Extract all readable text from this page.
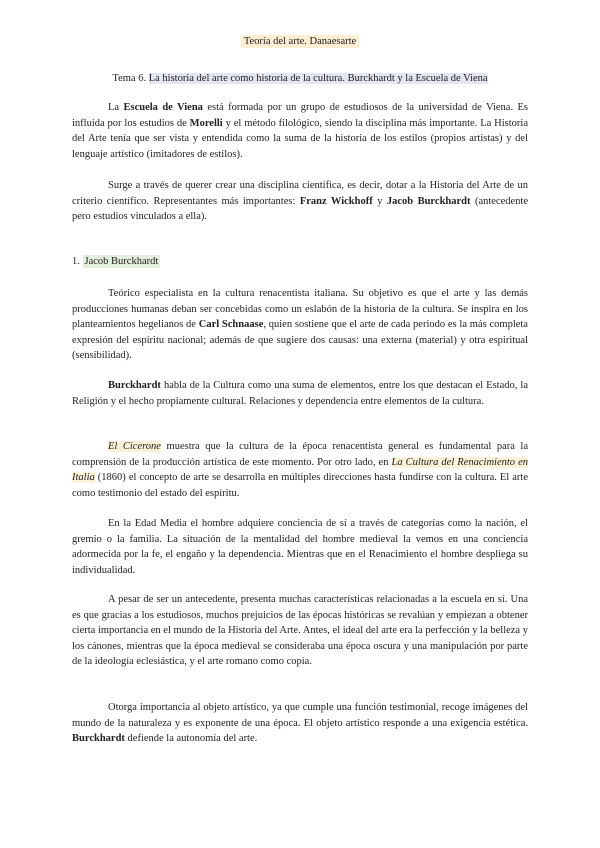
Teoría del arte. Danaesarte
Tema 6. La historia del arte como historia de la cultura. Burckhardt y la Escuela de Viena

La Escuela de Viena está formada por un grupo de estudiosos de la universidad de Viena. Es influida por los estudios de Morelli y el método filológico, siendo la disciplina más importante. La Historia del Arte tenía que ser vista y entendida como la suma de la historia de los estilos (propios artistas) y del lenguaje artístico (imitadores de estilos).

Surge a través de querer crear una disciplina científica, es decir, dotar a la Historia del Arte de un criterio científico. Representantes más importantes: Franz Wickhoff y Jacob Burckhardt (antecedente pero estudios vinculados a ella).

1. Jacob Burckhardt

Teórico especialista en la cultura renacentista italiana. Su objetivo es que el arte y las demás producciones humanas deban ser concebidas como un eslabón de la historia de la cultura. Se inspira en los planteamientos hegelianos de Carl Schnaase, quien sostiene que el arte de cada periodo es la más completa expresión del espíritu nacional; además de que sugiere dos causas: una externa (material) y otra espiritual (sensibilidad).

Burckhardt habla de la Cultura como una suma de elementos, entre los que destacan el Estado, la Religión y el hecho propiamente cultural. Relaciones y dependencia entre elementos de la cultura.

El Cicerone muestra que la cultura de la época renacentista general es fundamental para la comprensión de la producción artística de este momento. Por otro lado, en La Cultura del Renacimiento en Italia (1860) el concepto de arte se desarrolla en múltiples direcciones hasta fundirse con la cultura. El arte como testimonio del estado del espíritu.

En la Edad Media el hombre adquiere conciencia de sí a través de categorías como la nación, el gremio o la familia. La situación de la mentalidad del hombre medieval la vemos en una conciencia adormecida por la fe, el engaño y la dependencia. Mientras que en el Renacimiento el hombre despliega su individualidad.

A pesar de ser un antecedente, presenta muchas características relacionadas a la escuela en sí. Una es que gracias a los estudiosos, muchos prejuicios de las épocas históricas se revalúan y empiezan a obtener cierta importancia en el mundo de la Historia del Arte. Antes, el ideal del arte era la perfección y la belleza y los cánones, mientras que la época medieval se consideraba una época oscura y una manipulación por parte de la ideología eclesiástica, y el arte romano como copia.

Otorga importancia al objeto artístico, ya que cumple una función testimonial, recoge imágenes del mundo de la naturaleza y es exponente de una época. El objeto artístico responde a una exigencia estética. Burckhardt defiende la autonomía del arte.
